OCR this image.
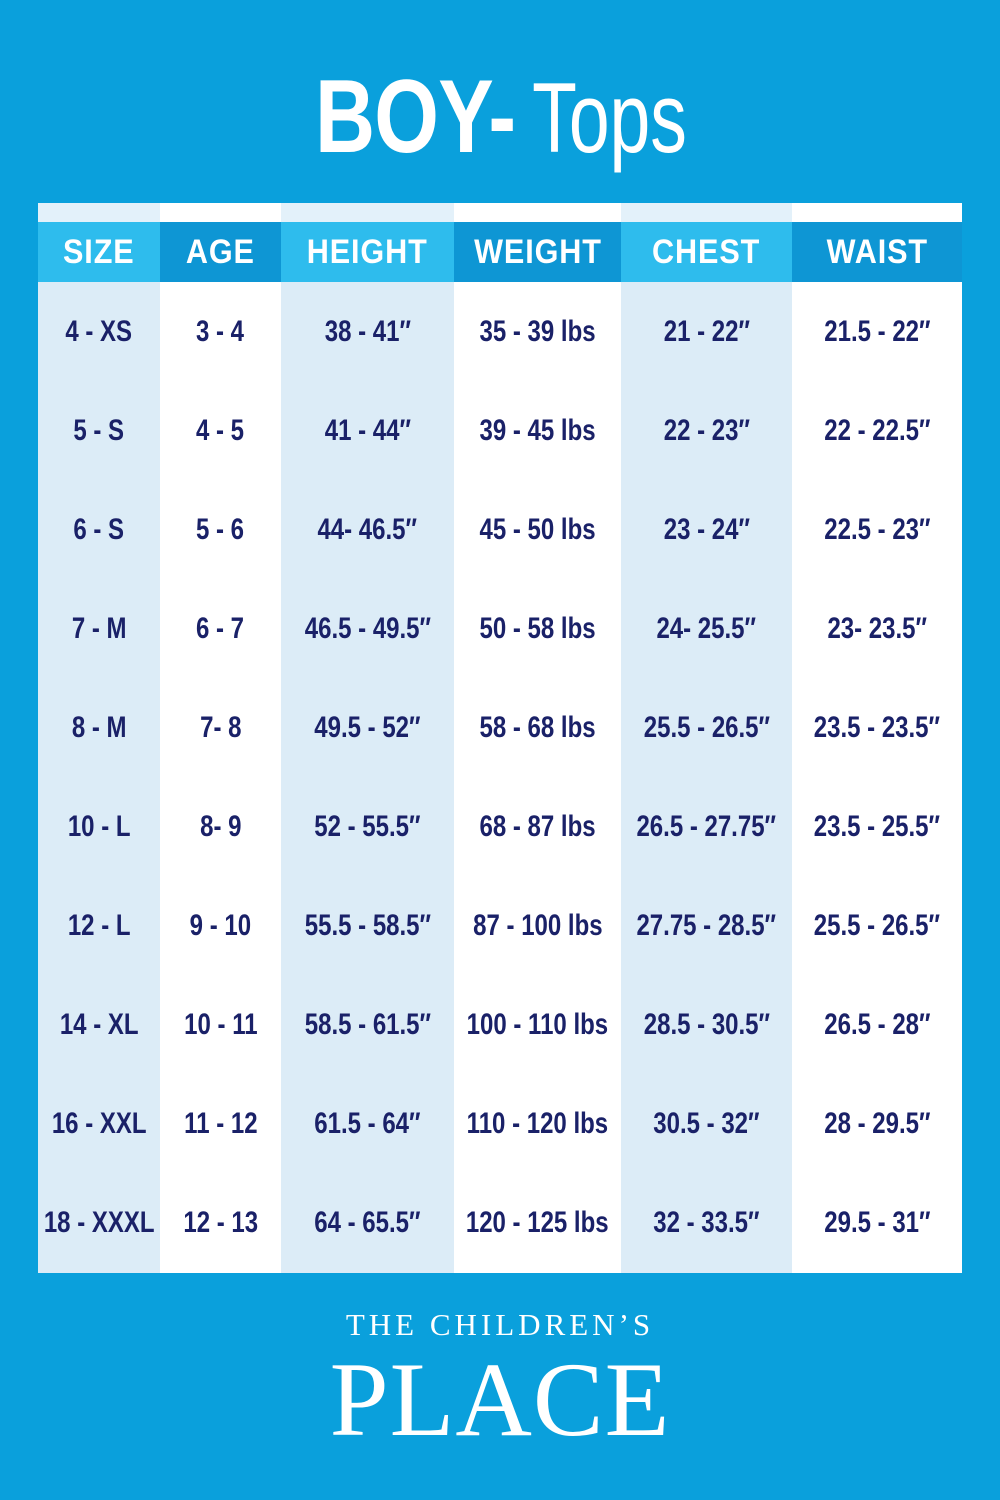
BOY- Tops
SIZE AGE HEIGHT WEIGHT CHEST WAIST
4 - XS 3 - 4	38 - 41″ 35 - 39 lbs 21 - 22″ 21.5 - 22″
5 - S 4 - 5	41 - 44″ 39 - 45 lbs 22 - 23″ 22 - 22.5″
6 - S 5 - 6 44- 46.5″ 45 - 50 lbs 23 - 24″ 22.5 - 23″
7 - M 6 - 7 46.5 - 49.5″ 50 - 58 lbs 24- 25.5″ 23- 23.5″
8 - M 7- 8 49.5 - 52″ 58 - 68 lbs 25.5 - 26.5″ 23.5 - 23.5″
10 - L 8- 9 52 - 55.5″ 68 - 87 lbs 26.5 - 27.75″ 23.5 - 25.5″
12 - L 9 - 10 55.5 - 58.5″ 87 - 100 lbs 27.75 - 28.5″ 25.5 - 26.5″
14 - XL 10 - 11 58.5 - 61.5″ 100 - 110 lbs 28.5 - 30.5″ 26.5 - 28″
16 - XXL 11 - 12 61.5 - 64″ 110 - 120 lbs 30.5 - 32″ 28 - 29.5″
18 - XXXL 12 - 13 64 - 65.5″ 120 - 125 lbs 32 - 33.5″ 29.5 - 31″
THE CHILDREN’S
PLACE
